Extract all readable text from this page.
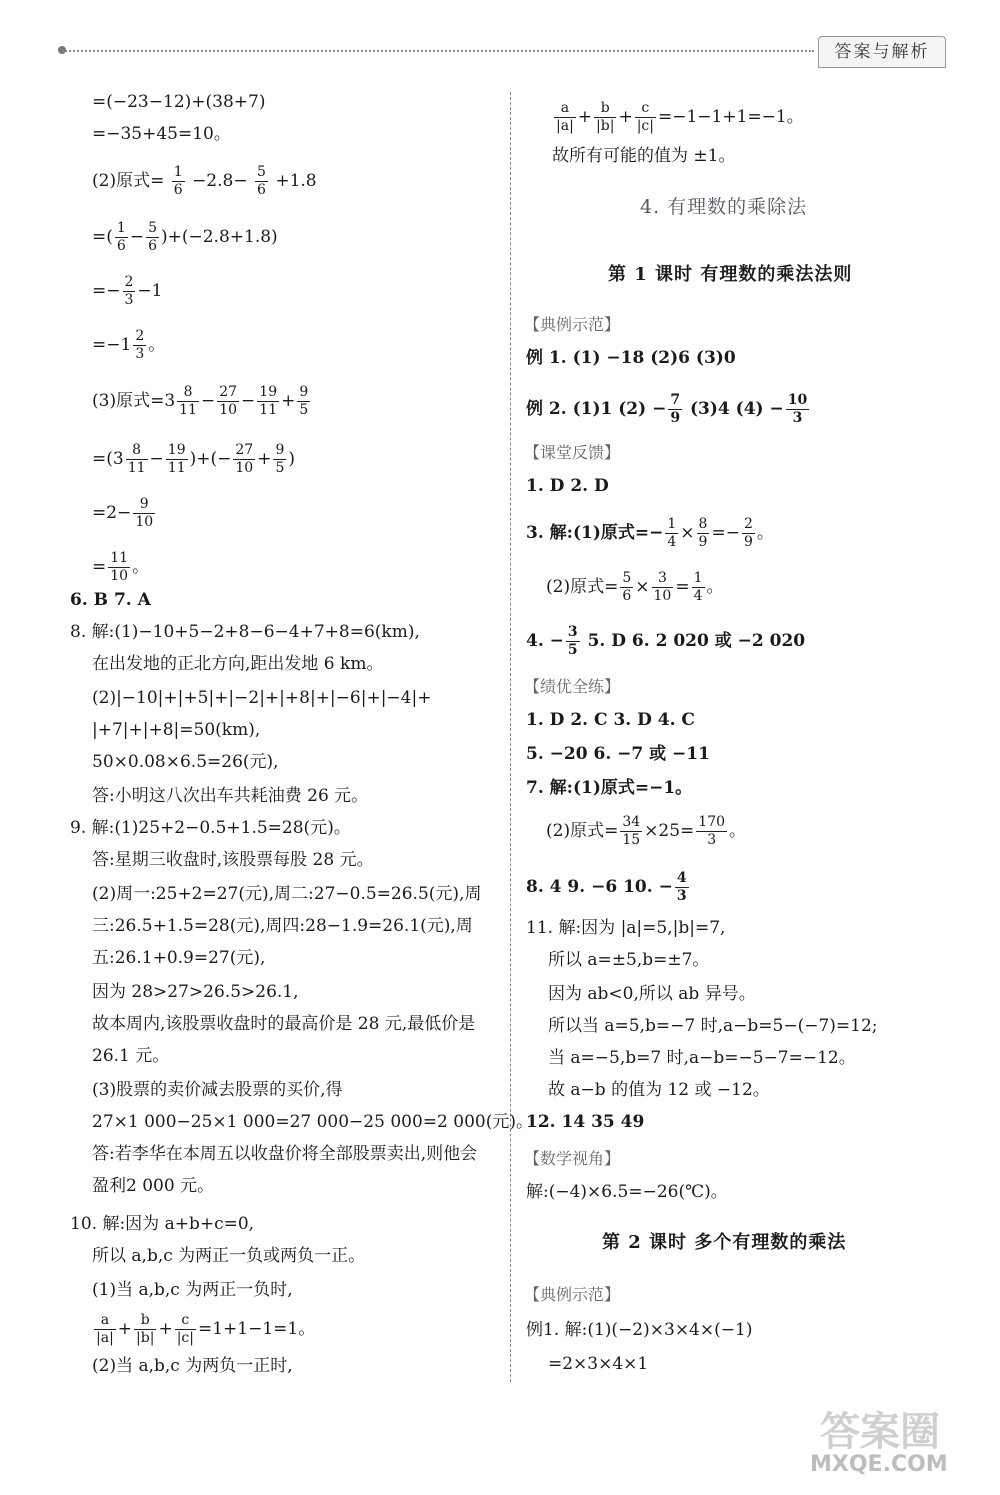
答案与解析
=(−23−12)+(38+7)
=−35+45=10。
(2)原式= $\frac{1}{6} -2.8- \frac{5}{6} +1.8$
=( $\frac{1}{6} - \frac{5}{6} )+(-2.8+1.8)$
=− $\frac{2}{3} -1$
$=-1 \frac{2}{3}$ 。
(3)原式$=3 \frac{8}{11} - \frac{27}{10} - \frac{19}{11} + \frac{9}{5}$
$=(3 \frac{8}{11} - \frac{19}{11}$ )+(− $\frac{27}{10} + \frac{9}{5}$ )
$=2- \frac{9}{10}$
= $\frac{11}{10}$ 。
6. B 7. A
8. 解:(1)−10+5−2+8−6−4+7+8=6(km),
在出发地的正北方向,距出发地 6 km。
(2)|−10|+|+5|+|−2|+|+8|+|−6|+|−4|+
|+7|+|+8|=50(km),
50×0.08×6.5=26(元),
答:小明这八次出车共耗油费 26 元。
9. 解:(1)25+2−0.5+1.5=28(元)。
答:星期三收盘时,该股票每股 28 元。
(2)周一:25+2=27(元),周二:27−0.5=26.5(元),周
三:26.5+1.5=28(元),周四:28−1.9=26.1(元),周
五:26.1+0.9=27(元),
因为 28>27>26.5>26.1,
故本周内,该股票收盘时的最高价是 28 元,最低价是
26.1 元。
(3)股票的卖价减去股票的买价,得
27×1 000−25×1 000=27 000−25 000=2 000(元)。
答:若李华在本周五以收盘价将全部股票卖出,则他会
盈利2 000 元。
10. 解:因为 a+b+c=0,
所以 a,b,c 为两正一负或两负一正。
(1)当 a,b,c 为两正一负时,
$\frac{a}{|a|} + \frac{b}{|b|} + \frac{c}{|c|} =1+1-1=1$。
(2)当 a,b,c 为两负一正时,
$\frac{a}{|a|} + \frac{b}{|b|} + \frac{c}{|c|} =-1-1+1=-1$。
故所有可能的值为 ±1。
4. 有理数的乘除法
第 1 课时 有理数的乘法法则
【典例示范】
例 1. (1) −18 (2)6 (3)0
例 2. (1)1 $(2) - \frac{7}{9} (3)4$ $(4) - \frac{10}{3}$
【课堂反馈】
1. D 2. D
3. 解:(1)原式=− $\frac{1}{4} \times \frac{8}{9} =- \frac{2}{9}$ 。
(2)原式= $\frac{5}{6} \times \frac{3}{10} = \frac{1}{4}$ 。
4. − $\frac{3}{5} 5$. D 6. 2 020 或 −2 020
【绩优全练】
1. D 2. C 3. D 4. C
5. −20 6. −7 或 −11
7. 解:(1)原式=−1。
(2)原式= $\frac{34}{15} \times 25= \frac{170}{3}$ 。
8. 4 9. −6 10. − $\frac{4}{3}$
11. 解:因为 |a|=5,|b|=7,
所以 a=±5,b=±7。
因为 ab<0,所以 ab 异号。
所以当 a=5,b=−7 时,a−b=5−(−7)=12;
当 a=−5,b=7 时,a−b=−5−7=−12。
故 a−b 的值为 12 或 −12。
12. 14 35 49
【数学视角】
解:(−4)×6.5=−26(℃)。
第 2 课时 多个有理数的乘法
【典例示范】
例1. 解:(1)(−2)×3×4×(−1)
=2×3×4×1
答案圈
MXQE.COM
